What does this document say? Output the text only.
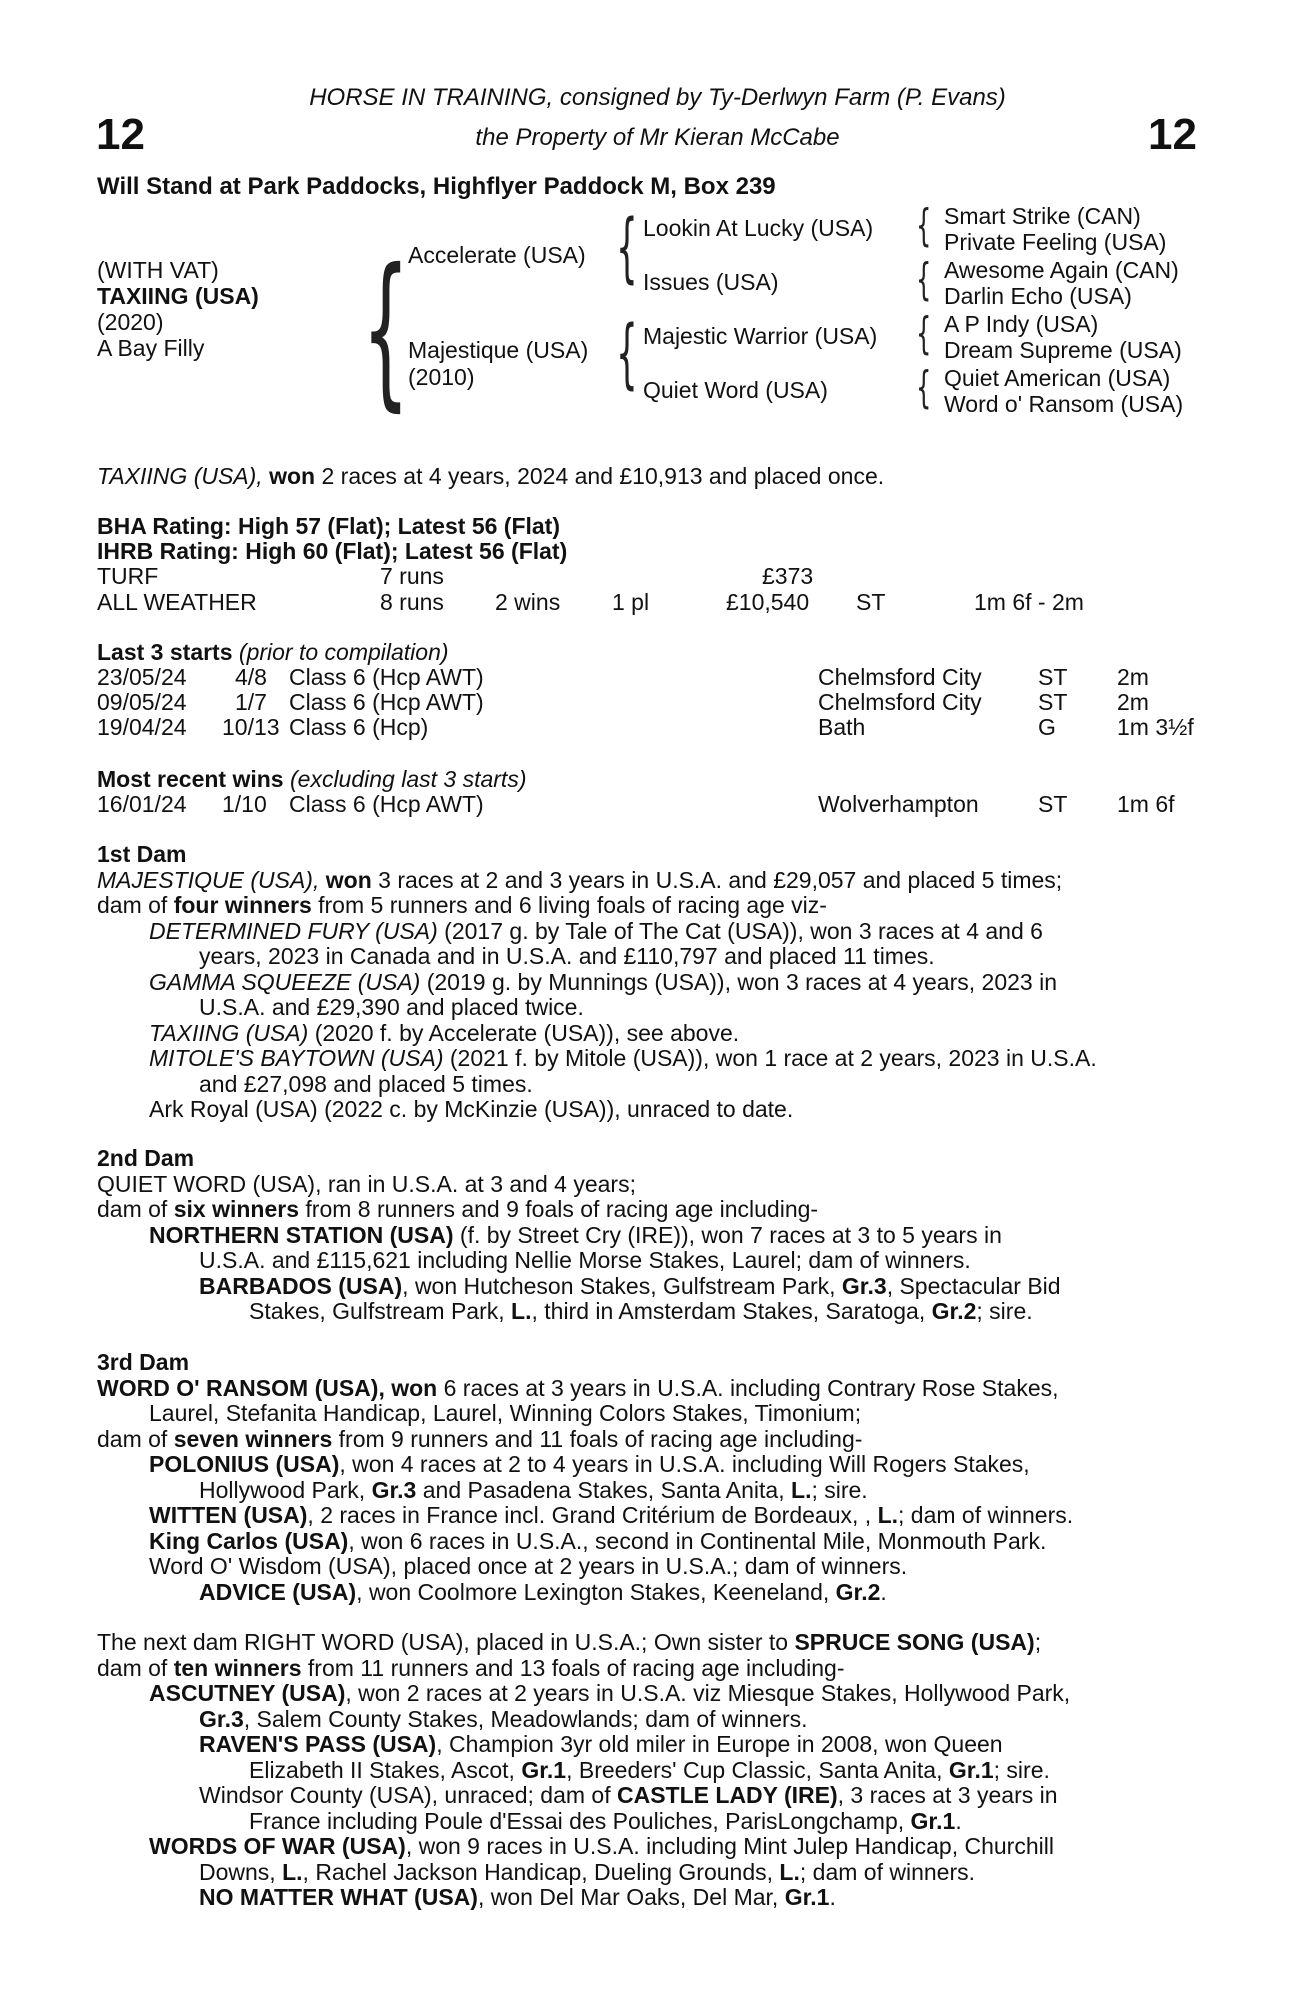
12	12
HORSE IN TRAINING, consigned by Ty-Derlwyn Farm (P. Evans)
the Property of Mr Kieran McCabe
Will Stand at Park Paddocks, Highflyer Paddock M, Box 239
(WITH VAT)
TAXIING (USA)
(2020)
A Bay Filly {
Accelerate (USA)
Majestique (USA)
(2010)
{
{
Lookin At Lucky (USA)
Issues (USA)
Majestic Warrior (USA)
Quiet Word (USA)
{
{
{
{
Smart Strike (CAN)
Private Feeling (USA)
Awesome Again (CAN)
Darlin Echo (USA)
A P Indy (USA)
Dream Supreme (USA)
Quiet American (USA)
Word o' Ransom (USA)
TAXIING (USA), won 2 races at 4 years, 2024 and £10,913 and placed once.
BHA Rating: High 57 (Flat); Latest 56 (Flat)
IHRB Rating: High 60 (Flat); Latest 56 (Flat)
TURF	7 runs	£373
ALL WEATHER	8 runs 2 wins 1 pl	£10,540 ST	1m 6f - 2m
Last 3 starts (prior to compilation)
23/05/24 4/8 Class 6 (Hcp AWT)	Chelmsford City ST 2m
09/05/24 1/7 Class 6 (Hcp AWT)	Chelmsford City ST 2m
19/04/24 10/13 Class 6 (Hcp)	Bath	G	1m 3½f
Most recent wins (excluding last 3 starts)
16/01/24 1/10 Class 6 (Hcp AWT)	Wolverhampton	ST 1m 6f
1st Dam
MAJESTIQUE (USA), won 3 races at 2 and 3 years in U.S.A. and £29,057 and placed 5 times;
dam of four winners from 5 runners and 6 living foals of racing age viz-
DETERMINED FURY (USA) (2017 g. by Tale of The Cat (USA)), won 3 races at 4 and 6
years, 2023 in Canada and in U.S.A. and £110,797 and placed 11 times.
GAMMA SQUEEZE (USA) (2019 g. by Munnings (USA)), won 3 races at 4 years, 2023 in
U.S.A. and £29,390 and placed twice.
TAXIING (USA) (2020 f. by Accelerate (USA)), see above.
MITOLE'S BAYTOWN (USA) (2021 f. by Mitole (USA)), won 1 race at 2 years, 2023 in U.S.A.
and £27,098 and placed 5 times.
Ark Royal (USA) (2022 c. by McKinzie (USA)), unraced to date.
2nd Dam
QUIET WORD (USA), ran in U.S.A. at 3 and 4 years;
dam of six winners from 8 runners and 9 foals of racing age including-
NORTHERN STATION (USA) (f. by Street Cry (IRE)), won 7 races at 3 to 5 years in
U.S.A. and £115,621 including Nellie Morse Stakes, Laurel; dam of winners.
BARBADOS (USA), won Hutcheson Stakes, Gulfstream Park, Gr.3, Spectacular Bid
Stakes, Gulfstream Park, L., third in Amsterdam Stakes, Saratoga, Gr.2; sire.
3rd Dam
WORD O' RANSOM (USA), won 6 races at 3 years in U.S.A. including Contrary Rose Stakes,
Laurel, Stefanita Handicap, Laurel, Winning Colors Stakes, Timonium;
dam of seven winners from 9 runners and 11 foals of racing age including-
POLONIUS (USA), won 4 races at 2 to 4 years in U.S.A. including Will Rogers Stakes,
Hollywood Park, Gr.3 and Pasadena Stakes, Santa Anita, L.; sire.
WITTEN (USA), 2 races in France incl. Grand Critérium de Bordeaux, , L.; dam of winners.
King Carlos (USA), won 6 races in U.S.A., second in Continental Mile, Monmouth Park.
Word O' Wisdom (USA), placed once at 2 years in U.S.A.; dam of winners.
ADVICE (USA), won Coolmore Lexington Stakes, Keeneland, Gr.2.
The next dam RIGHT WORD (USA), placed in U.S.A.; Own sister to SPRUCE SONG (USA);
dam of ten winners from 11 runners and 13 foals of racing age including-
ASCUTNEY (USA), won 2 races at 2 years in U.S.A. viz Miesque Stakes, Hollywood Park,
Gr.3, Salem County Stakes, Meadowlands; dam of winners.
RAVEN'S PASS (USA), Champion 3yr old miler in Europe in 2008, won Queen
Elizabeth II Stakes, Ascot, Gr.1, Breeders' Cup Classic, Santa Anita, Gr.1; sire.
Windsor County (USA), unraced; dam of CASTLE LADY (IRE), 3 races at 3 years in
France including Poule d'Essai des Pouliches, ParisLongchamp, Gr.1.
WORDS OF WAR (USA), won 9 races in U.S.A. including Mint Julep Handicap, Churchill
Downs, L., Rachel Jackson Handicap, Dueling Grounds, L.; dam of winners.
NO MATTER WHAT (USA), won Del Mar Oaks, Del Mar, Gr.1.
